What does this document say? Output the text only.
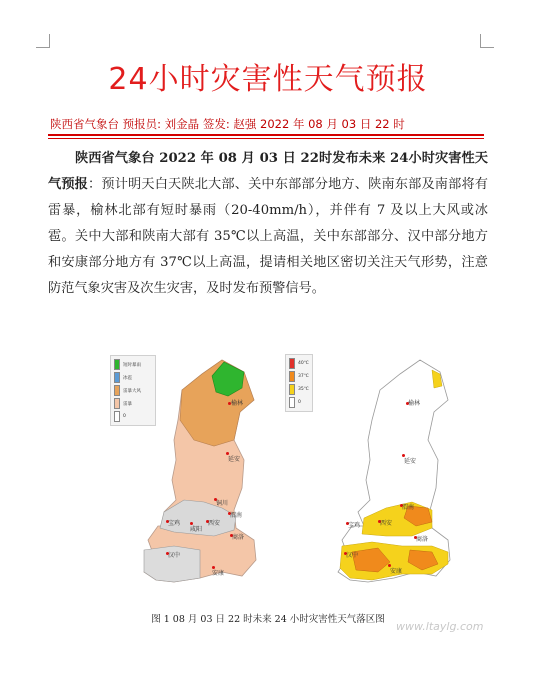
24小时灾害性天气预报
陕西省气象台 预报员: 刘金晶 签发: 赵强 2022 年 08 月 03 日 22 时

陕西省气象台 2022 年 08 月 03 日 22时发布未来 24小时灾害性天气预报：预计明天白天陕北大部、关中东部部分地方、陕南东部及南部将有雷暴，榆林北部有短时暴雨（20-40mm/h），并伴有 7 及以上大风或冰雹。关中大部和陕南大部有 35℃以上高温，关中东部部分、汉中部分地方和安康部分地方有 37℃以上高温，提请相关地区密切关注天气形势，注意防范气象灾害及次生灾害，及时发布预警信号。

短时暴雨
冰雹
雷暴大风
雷暴
0
榆林
延安
铜川
宝鸡
渭南
西安
咸阳
商洛
汉中
安康
40℃
37℃
35℃
0	榆林
延安
渭南
西安
宝鸡
商洛
安康
汉中
图 1 08 月 03 日 22 时未来 24 小时灾害性天气落区图
www.ltaylg.com
